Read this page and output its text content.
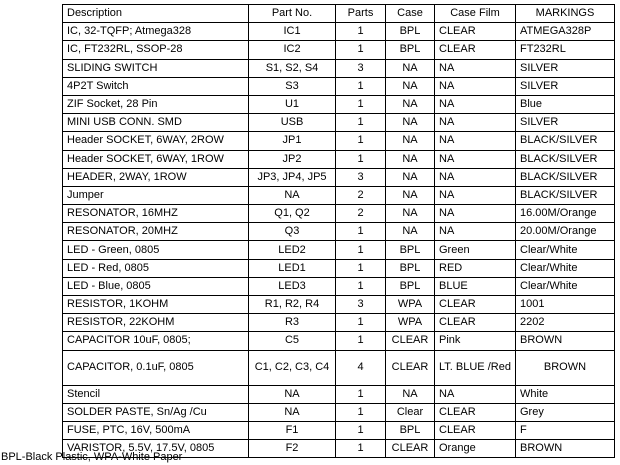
Description	Part No.	Parts	Case	Case Film	MARKINGS
IC, 32-TQFP; Atmega328	IC1	1	BPL	CLEAR	ATMEGA328P
IC, FT232RL, SSOP-28	IC2	1	BPL	CLEAR	FT232RL
SLIDING SWITCH	S1, S2, S4	3	NA	NA	SILVER
4P2T Switch	S3	1	NA	NA	SILVER
ZIF Socket, 28 Pin	U1	1	NA	NA	Blue
MINI USB CONN. SMD	USB	1	NA	NA	SILVER
Header SOCKET, 6WAY, 2ROW	JP1	1	NA	NA	BLACK/SILVER
Header SOCKET, 6WAY, 1ROW	JP2	1	NA	NA	BLACK/SILVER
HEADER, 2WAY, 1ROW	JP3, JP4, JP5	3	NA	NA	BLACK/SILVER
Jumper	NA	2	NA	NA	BLACK/SILVER
RESONATOR, 16MHZ	Q1, Q2	2	NA	NA	16.00M/Orange
RESONATOR, 20MHZ	Q3	1	NA	NA	20.00M/Orange
LED - Green, 0805	LED2	1	BPL	Green	Clear/White
LED - Red, 0805	LED1	1	BPL	RED	Clear/White
LED - Blue, 0805	LED3	1	BPL	BLUE	Clear/White
RESISTOR, 1KOHM	R1, R2, R4	3	WPA	CLEAR	1001
RESISTOR, 22KOHM	R3	1	WPA	CLEAR	2202
CAPACITOR 10uF, 0805;	C5	1	CLEAR	Pink	BROWN
CAPACITOR, 0.1uF, 0805	C1, C2, C3, C4	4	CLEAR	LT. BLUE /Red	BROWN
Stencil	NA	1	NA	NA	White
SOLDER PASTE, Sn/Ag /Cu	NA	1	Clear	CLEAR	Grey
FUSE, PTC, 16V, 500mA	F1	1	BPL	CLEAR	F
VARISTOR, 5.5V, 17.5V, 0805	F2	1	CLEAR	Orange	BROWN
BPL-Black Plastic, WPA-White Paper
